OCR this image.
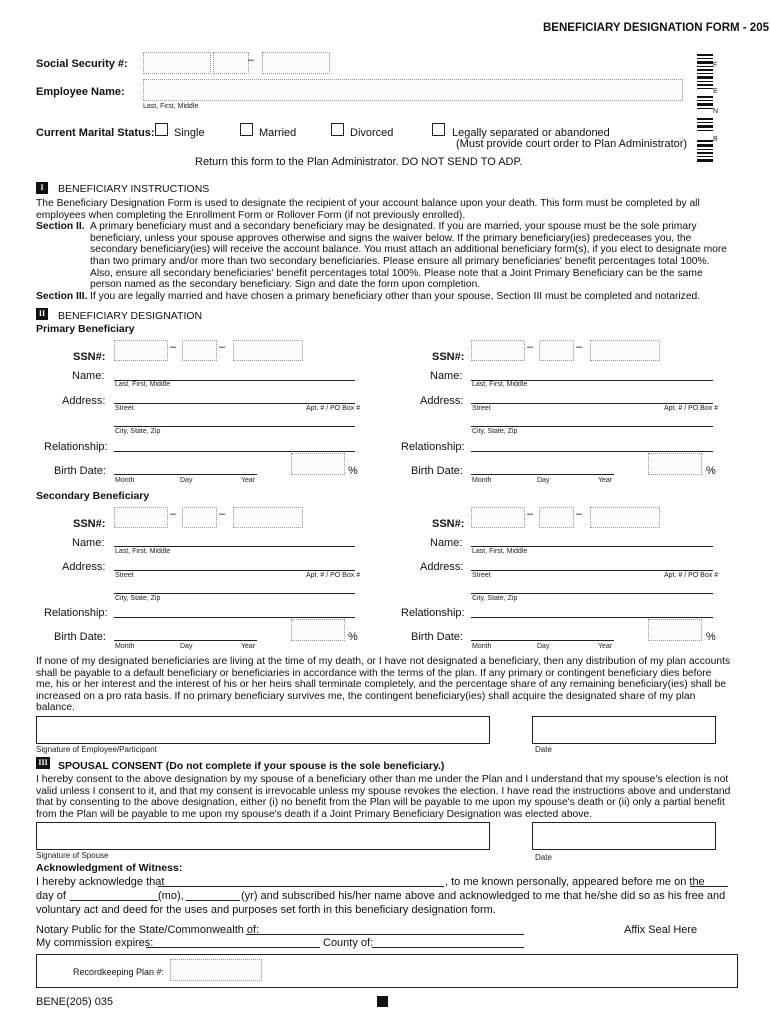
BENEFICIARY DESIGNATION FORM - 205
Social Security #:	–
Employee Name:
Last, First, Middle
Current Marital Status: Single	Married	Divorced	Legally separated or abandoned
(Must provide court order to Plan Administrator)
Return this form to the Plan Administrator. DO NOT SEND TO ADP.
F
E
N
B
I	BENEFICIARY INSTRUCTIONS
The Beneficiary Designation Form is used to designate the recipient of your account balance upon your death. This form must be completed by all
employees when completing the Enrollment Form or Rollover Form (if not previously enrolled).
Section II. A primary beneficiary must and a secondary beneficiary may be designated. If you are married, your spouse must be the sole primary
beneficiary, unless your spouse approves otherwise and signs the waiver below. If the primary beneficiary(ies) predeceases you, the
secondary beneficiary(ies) will receive the account balance. You must attach an additional beneficiary form(s), if you elect to designate more
than two primary and/or more than two secondary beneficiaries. Please ensure all primary beneficiaries' benefit percentages total 100%.
Also, ensure all secondary beneficiaries' benefit percentages total 100%. Please note that a Joint Primary Beneficiary can be the same
person named as the secondary beneficiary. Sign and date the form upon completion.
Section III. If you are legally married and have chosen a primary beneficiary other than your spouse, Section III must be completed and notarized.
II BENEFICIARY DESIGNATION
Primary Beneficiary
SSN#:
–	–
Name:
Last, First, Middle
Address:
Street	Apt. # / PO Box #
City, State, Zip
Relationship:
Birth Date:
Month	Day	Year
%
SSN#:
–	–
Name:
Last, First, Middle
Address:
Street	Apt. # / PO Box #
City, State, Zip
Relationship:
Birth Date:
Month	Day	Year
%
Secondary Beneficiary
SSN#:
–	–
Name:
Last, First, Middle
Address:
Street	Apt. # / PO Box #
City, State, Zip
Relationship:
Birth Date:
Month	Day	Year
%
SSN#:
–	–
Name:
Last, First, Middle
Address:
Street	Apt. # / PO Box #
City, State, Zip
Relationship:
Birth Date:
Month	Day	Year
%
If none of my designated beneficiaries are living at the time of my death, or I have not designated a beneficiary, then any distribution of my plan accounts
shall be payable to a default beneficiary or beneficiaries in accordance with the terms of the plan. If any primary or contingent beneficiary dies before
me, his or her interest and the interest of his or her heirs shall terminate completely, and the percentage share of any remaining beneficiary(ies) shall be
increased on a pro rata basis. If no primary beneficiary survives me, the contingent beneficiary(ies) shall acquire the designated share of my plan
balance.
Signature of Employee/Participant	Date
III SPOUSAL CONSENT (Do not complete if your spouse is the sole beneficiary.)
I hereby consent to the above designation by my spouse of a beneficiary other than me under the Plan and I understand that my spouse's election is not
valid unless I consent to it, and that my consent is irrevocable unless my spouse revokes the election. I have read the instructions above and understand
that by consenting to the above designation, either (i) no benefit from the Plan will be payable to me upon my spouse's death or (ii) only a partial benefit
from the Plan will be payable to me upon my spouse's death if a Joint Primary Beneficiary Designation was elected above.
Signature of Spouse	Date
Acknowledgment of Witness:
I hereby acknowledge that	, to me known personally, appeared before me on the
day of	(mo),	(yr) and subscribed his/her name above and acknowledged to me that he/she did so as his free and
voluntary act and deed for the uses and purposes set forth in this beneficiary designation form.
Notary Public for the State/Commonwealth of:	Affix Seal Here
My commission expires:	County of:
Recordkeeping Plan #:
BENE(205) 035
